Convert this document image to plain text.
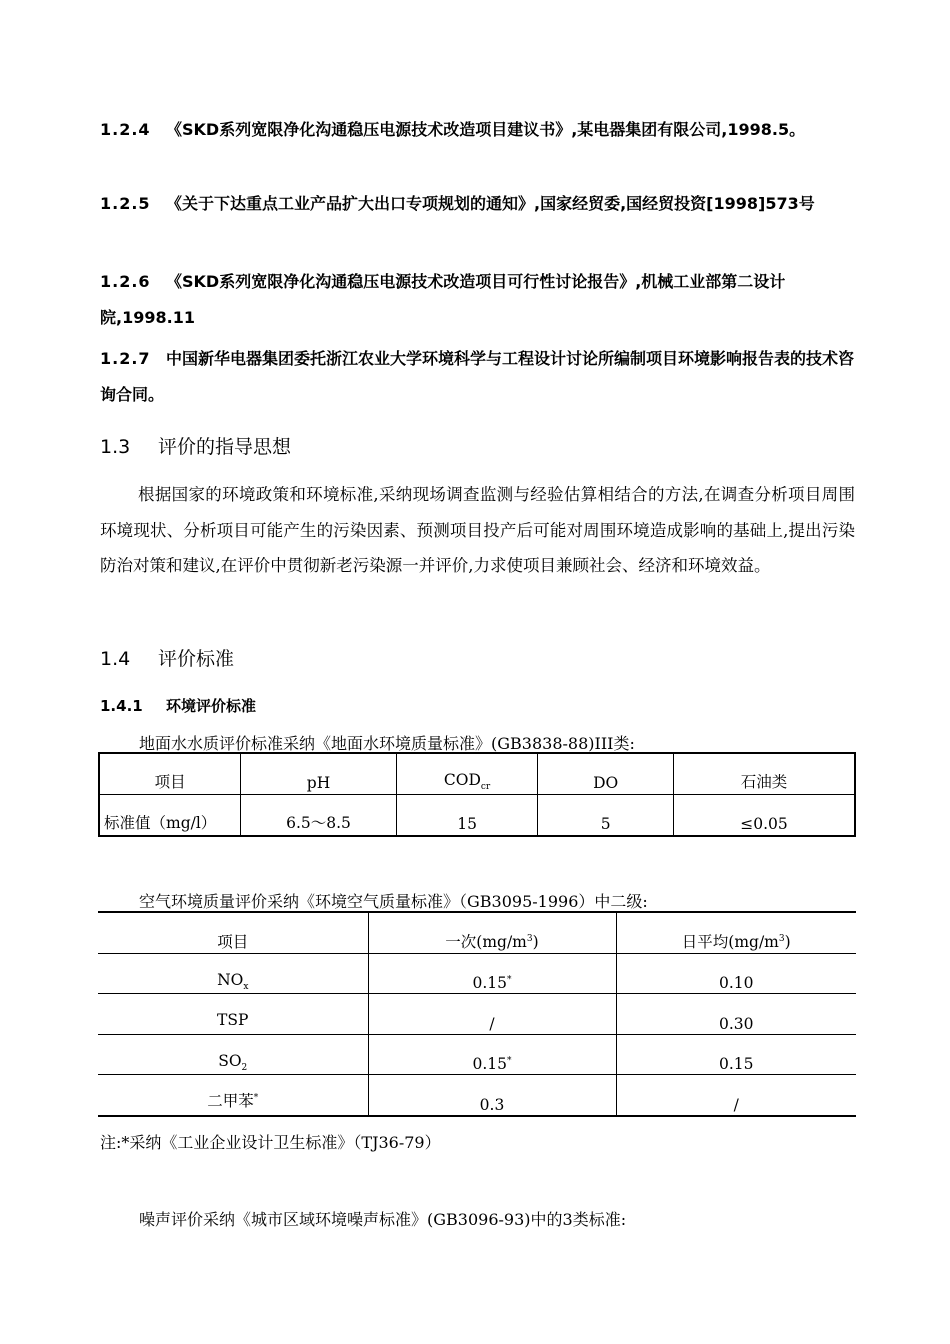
1.2.4 《SKD系列宽限净化沟通稳压电源技术改造项目建议书》,某电器集团有限公司,1998.5。
1.2.5 《关于下达重点工业产品扩大出口专项规划的通知》,国家经贸委,国经贸投资[1998]573号
1.2.6 《SKD系列宽限净化沟通稳压电源技术改造项目可行性讨论报告》,机械工业部第二设计院,1998.11
1.2.7 中国新华电器集团委托浙江农业大学环境科学与工程设计讨论所编制项目环境影响报告表的技术咨询合同。
1.3 评价的指导思想
根据国家的环境政策和环境标准,采纳现场调查监测与经验估算相结合的方法,在调查分析项目周围环境现状、分析项目可能产生的污染因素、预测项目投产后可能对周围环境造成影响的基础上,提出污染防治对策和建议,在评价中贯彻新老污染源一并评价,力求使项目兼顾社会、经济和环境效益。
1.4 评价标准
1.4.1 环境评价标准
地面水水质评价标准采纳《地面水环境质量标准》(GB3838-88)III类:
项目	pH	$COD_{cr}$	DO	石油类
标准值（mg/l）	6.5～8.5	15	5	≤0.05
空气环境质量评价采纳《环境空气质量标准》（GB3095-1996）中二级:
项目	一次$(mg/m^3)$	日平均$(mg/m^3)$
$NO_x$	0.15*	0.10
TSP	/	0.30
$SO_2$	0.15*	0.15
二甲苯*	0.3	/
注:*采纳《工业企业设计卫生标准》（TJ36-79）
噪声评价采纳《城市区域环境噪声标准》(GB3096-93)中的3类标准:
